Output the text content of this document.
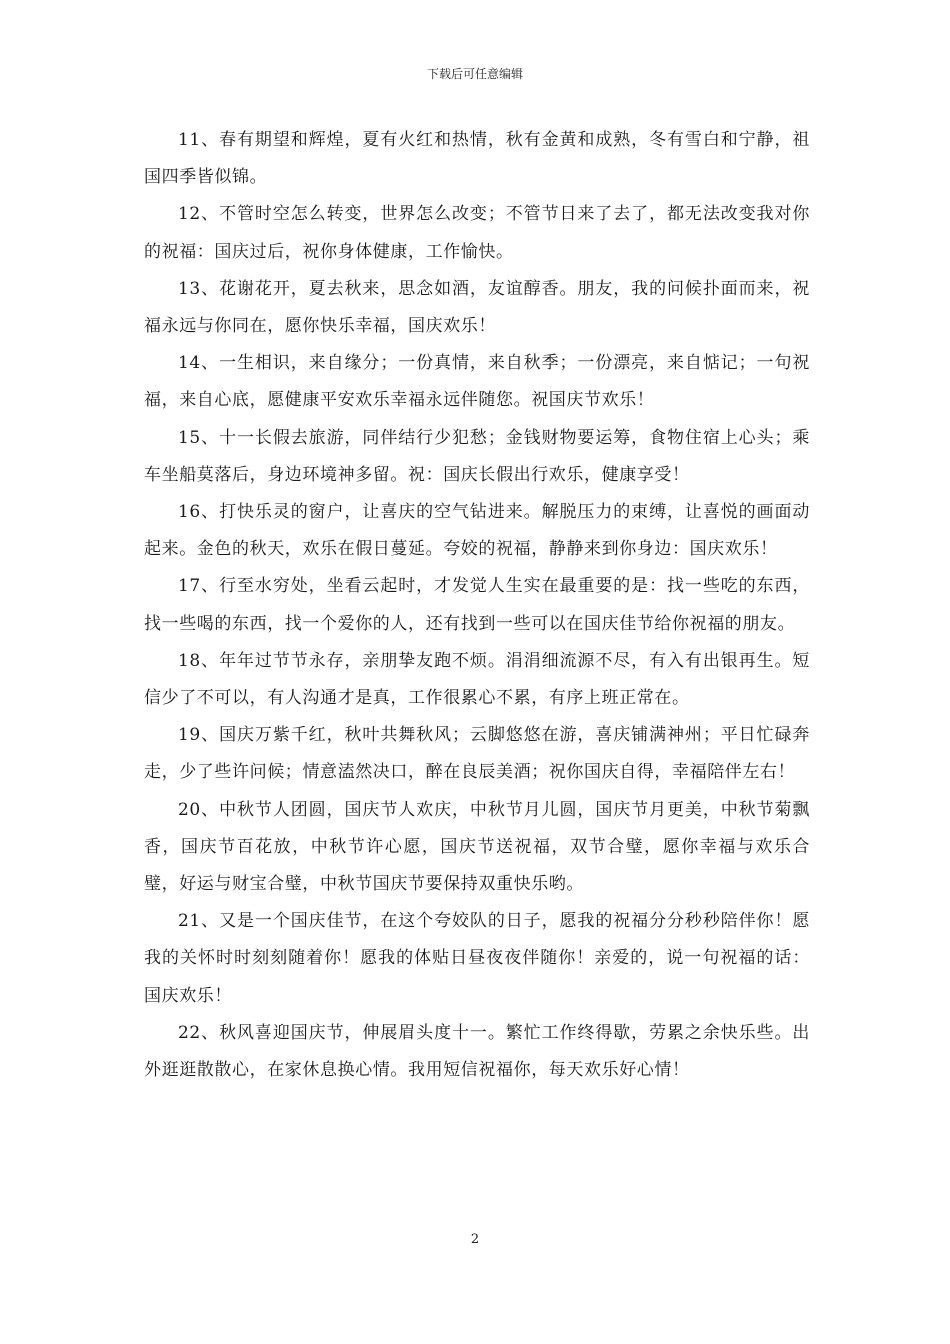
下载后可任意编辑

11、春有期望和辉煌，夏有火红和热情，秋有金黄和成熟，冬有雪白和宁静，祖国四季皆似锦。

12、不管时空怎么转变，世界怎么改变；不管节日来了去了，都无法改变我对你的祝福：国庆过后，祝你身体健康，工作愉快。

13、花谢花开，夏去秋来，思念如酒，友谊醇香。朋友，我的问候扑面而来，祝福永远与你同在，愿你快乐幸福，国庆欢乐！

14、一生相识，来自缘分；一份真情，来自秋季；一份漂亮，来自惦记；一句祝福，来自心底，愿健康平安欢乐幸福永远伴随您。祝国庆节欢乐！

15、十一长假去旅游，同伴结行少犯愁；金钱财物要运筹，食物住宿上心头；乘车坐船莫落后，身边环境神多留。祝：国庆长假出行欢乐，健康享受！

16、打快乐灵的窗户，让喜庆的空气钻进来。解脱压力的束缚，让喜悦的画面动起来。金色的秋天，欢乐在假日蔓延。夸姣的祝福，静静来到你身边：国庆欢乐！

17、行至水穷处，坐看云起时，才发觉人生实在最重要的是：找一些吃的东西，找一些喝的东西，找一个爱你的人，还有找到一些可以在国庆佳节给你祝福的朋友。

18、年年过节节永存，亲朋挚友跑不烦。涓涓细流源不尽，有入有出银再生。短信少了不可以，有人沟通才是真，工作很累心不累，有序上班正常在。

19、国庆万紫千红，秋叶共舞秋风；云脚悠悠在游，喜庆铺满神州；平日忙碌奔走，少了些许问候；情意溘然决口，醉在良辰美酒；祝你国庆自得，幸福陪伴左右！

20、中秋节人团圆，国庆节人欢庆，中秋节月儿圆，国庆节月更美，中秋节菊飘香，国庆节百花放，中秋节许心愿，国庆节送祝福，双节合璧，愿你幸福与欢乐合璧，好运与财宝合璧，中秋节国庆节要保持双重快乐哟。

21、又是一个国庆佳节，在这个夸姣队的日子，愿我的祝福分分秒秒陪伴你！愿我的关怀时时刻刻随着你！愿我的体贴日昼夜夜伴随你！亲爱的，说一句祝福的话：国庆欢乐！

22、秋风喜迎国庆节，伸展眉头度十一。繁忙工作终得歇，劳累之余快乐些。出外逛逛散散心，在家休息换心情。我用短信祝福你，每天欢乐好心情！

2
